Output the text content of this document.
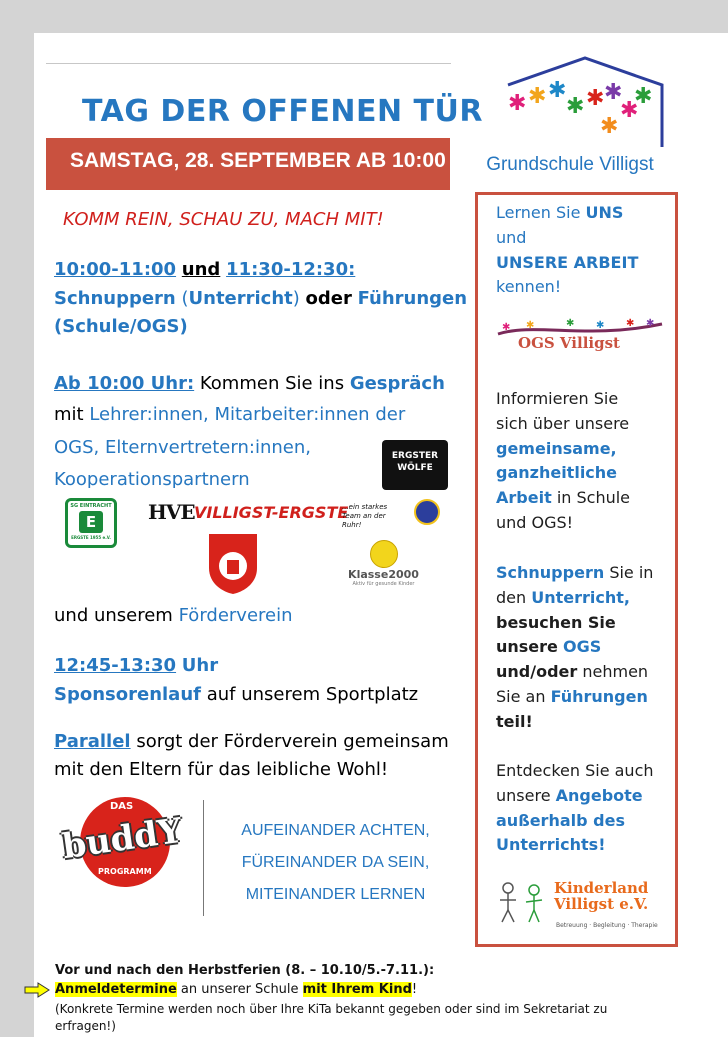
TAG DER OFFENEN TÜR
SAMSTAG, 28. SEPTEMBER AB 10:00
✱ ✱ ✱
✱ ✱ ✱
✱
✱
✱
Grundschule Villigst
KOMM REIN, SCHAU ZU, MACH MIT!
10:00-11:00 und 11:30-12:30:
Schnuppern (Unterricht) oder Führungen
(Schule/OGS)
Ab 10:00 Uhr: Kommen Sie ins Gespräch
mit Lehrer:innen, Mitarbeiter:innen der
OGS, Elternvertretern:innen,
Kooperationspartnern
ERGSTER WÖLFE
SG EINTRACHT
E
ERGSTE 1955 e.V.
HVE VILLIGST-ERGSTE
...ein starkes Team an der Ruhr!
Klasse2000
Aktiv für gesunde Kinder
und unserem Förderverein
12:45-13:30 Uhr
Sponsorenlauf auf unserem Sportplatz
Parallel sorgt der Förderverein gemeinsam
mit den Eltern für das leibliche Wohl!
DAS
buddY
PROGRAMM
AUFEINANDER ACHTEN,
FÜREINANDER DA SEIN,
MITEINANDER LERNEN

Lernen Sie UNS

und

UNSERE ARBEIT

kennen!

✱ ✱	✱ ✱ ✱ ✱
OGS Villigst

Informieren Sie

sich über unsere

gemeinsame,

ganzheitliche

Arbeit in Schule

und OGS!

Schnuppern Sie in

den Unterricht,

besuchen Sie

unsere OGS

und/oder nehmen

Sie an Führungen

teil!

Entdecken Sie auch

unsere Angebote

außerhalb des

Unterrichts!

Kinderland Villigst e.V.
Betreuung · Begleitung · Therapie
Vor und nach den Herbstferien (8. – 10.10/5.-7.11.):
Anmeldetermine an unserer Schule mit Ihrem Kind!
(Konkrete Termine werden noch über Ihre KiTa bekannt gegeben oder sind im Sekretariat zu
erfragen!)
